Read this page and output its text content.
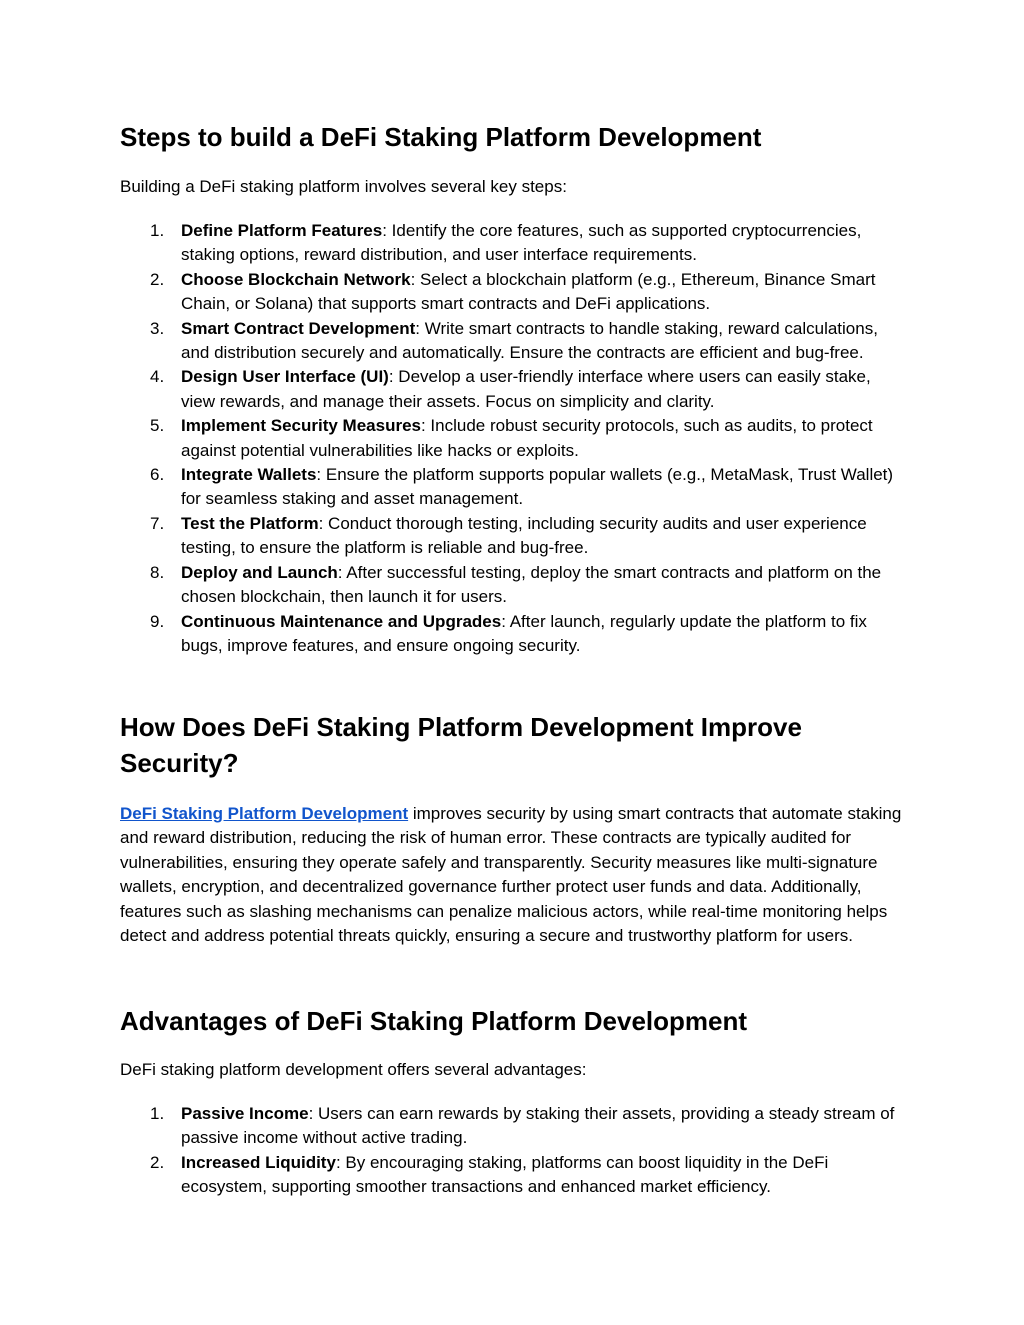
Steps to build a DeFi Staking Platform Development

Building a DeFi staking platform involves several key steps:

1. Define Platform Features: Identify the core features, such as supported cryptocurrencies, staking options, reward distribution, and user interface requirements.
2. Choose Blockchain Network: Select a blockchain platform (e.g., Ethereum, Binance Smart Chain, or Solana) that supports smart contracts and DeFi applications.
3. Smart Contract Development: Write smart contracts to handle staking, reward calculations, and distribution securely and automatically. Ensure the contracts are efficient and bug-free.
4. Design User Interface (UI): Develop a user-friendly interface where users can easily stake, view rewards, and manage their assets. Focus on simplicity and clarity.
5. Implement Security Measures: Include robust security protocols, such as audits, to protect against potential vulnerabilities like hacks or exploits.
6. Integrate Wallets: Ensure the platform supports popular wallets (e.g., MetaMask, Trust Wallet) for seamless staking and asset management.
7. Test the Platform: Conduct thorough testing, including security audits and user experience testing, to ensure the platform is reliable and bug-free.
8. Deploy and Launch: After successful testing, deploy the smart contracts and platform on the chosen blockchain, then launch it for users.
9. Continuous Maintenance and Upgrades: After launch, regularly update the platform to fix bugs, improve features, and ensure ongoing security.
How Does DeFi Staking Platform Development Improve Security?

DeFi Staking Platform Development improves security by using smart contracts that automate staking and reward distribution, reducing the risk of human error. These contracts are typically audited for vulnerabilities, ensuring they operate safely and transparently. Security measures like multi-signature wallets, encryption, and decentralized governance further protect user funds and data. Additionally, features such as slashing mechanisms can penalize malicious actors, while real-time monitoring helps detect and address potential threats quickly, ensuring a secure and trustworthy platform for users.

Advantages of DeFi Staking Platform Development

DeFi staking platform development offers several advantages:

1. Passive Income: Users can earn rewards by staking their assets, providing a steady stream of passive income without active trading.
2. Increased Liquidity: By encouraging staking, platforms can boost liquidity in the DeFi ecosystem, supporting smoother transactions and enhanced market efficiency.
